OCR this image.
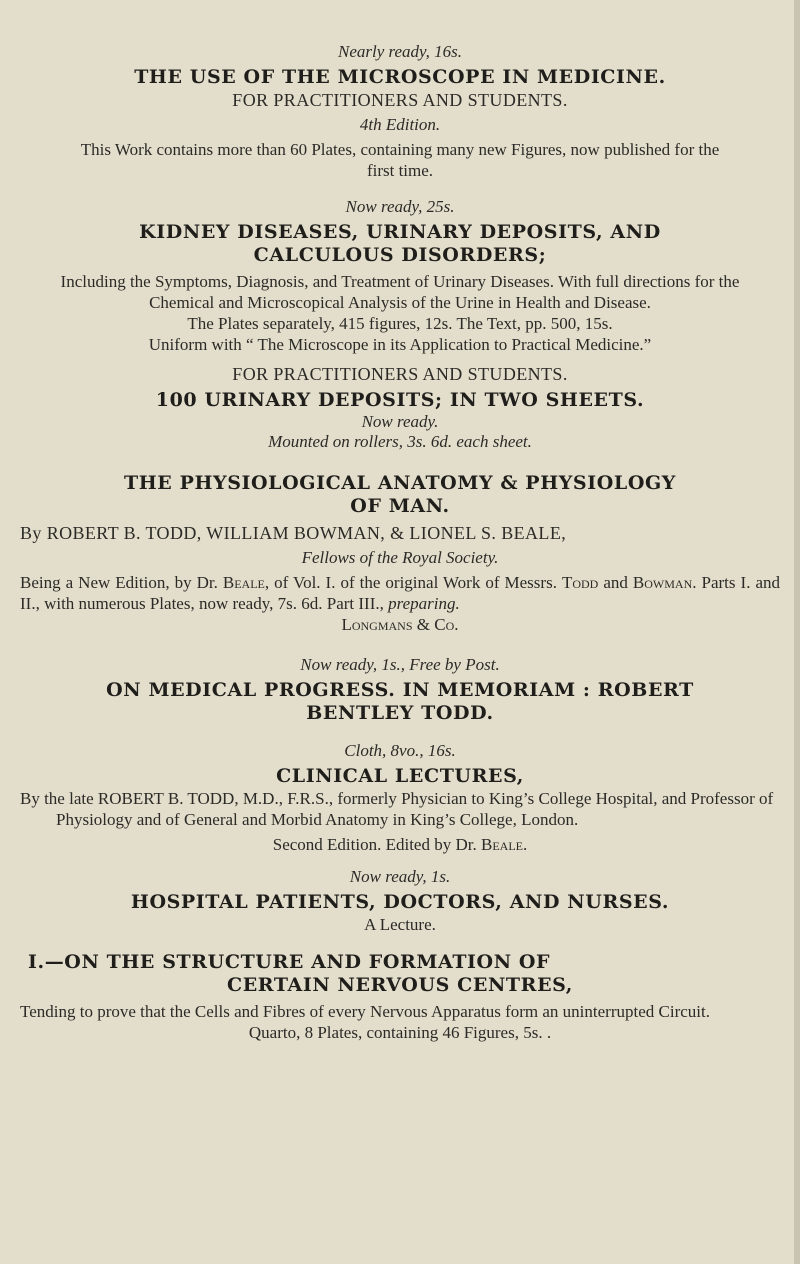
Nearly ready, 16s.

THE USE OF THE MICROSCOPE IN MEDICINE.

FOR PRACTITIONERS AND STUDENTS.

4th Edition.

This Work contains more than 60 Plates, containing many new Figures, now published for the first time.

Now ready, 25s.

KIDNEY DISEASES, URINARY DEPOSITS, AND

CALCULOUS DISORDERS;

Including the Symptoms, Diagnosis, and Treatment of Urinary Diseases. With full directions for the Chemical and Microscopical Analysis of the Urine in Health and Disease.

The Plates separately, 415 figures, 12s. The Text, pp. 500, 15s.

Uniform with “ The Microscope in its Application to Practical Medicine.”

FOR PRACTITIONERS AND STUDENTS.

100 URINARY DEPOSITS; IN TWO SHEETS.

Now ready.

Mounted on rollers, 3s. 6d. each sheet.

THE PHYSIOLOGICAL ANATOMY & PHYSIOLOGY

OF MAN.

By ROBERT B. TODD, WILLIAM BOWMAN, & LIONEL S. BEALE,

Fellows of the Royal Society.

Being a New Edition, by Dr. Beale, of Vol. I. of the original Work of Messrs. Todd and Bowman. Parts I. and II., with numerous Plates, now ready, 7s. 6d. Part III., preparing.

Longmans & Co.

Now ready, 1s., Free by Post.

ON MEDICAL PROGRESS. IN MEMORIAM : ROBERT

BENTLEY TODD.

Cloth, 8vo., 16s.

CLINICAL LECTURES,

By the late ROBERT B. TODD, M.D., F.R.S., formerly Physician to King’s College Hospital, and Professor of Physiology and of General and Morbid Anatomy in King’s College, London.

Second Edition. Edited by Dr. Beale.

Now ready, 1s.

HOSPITAL PATIENTS, DOCTORS, AND NURSES.

A Lecture.

I.—ON THE STRUCTURE AND FORMATION OF

CERTAIN NERVOUS CENTRES,

Tending to prove that the Cells and Fibres of every Nervous Apparatus form an uninterrupted Circuit.

Quarto, 8 Plates, containing 46 Figures, 5s. .
